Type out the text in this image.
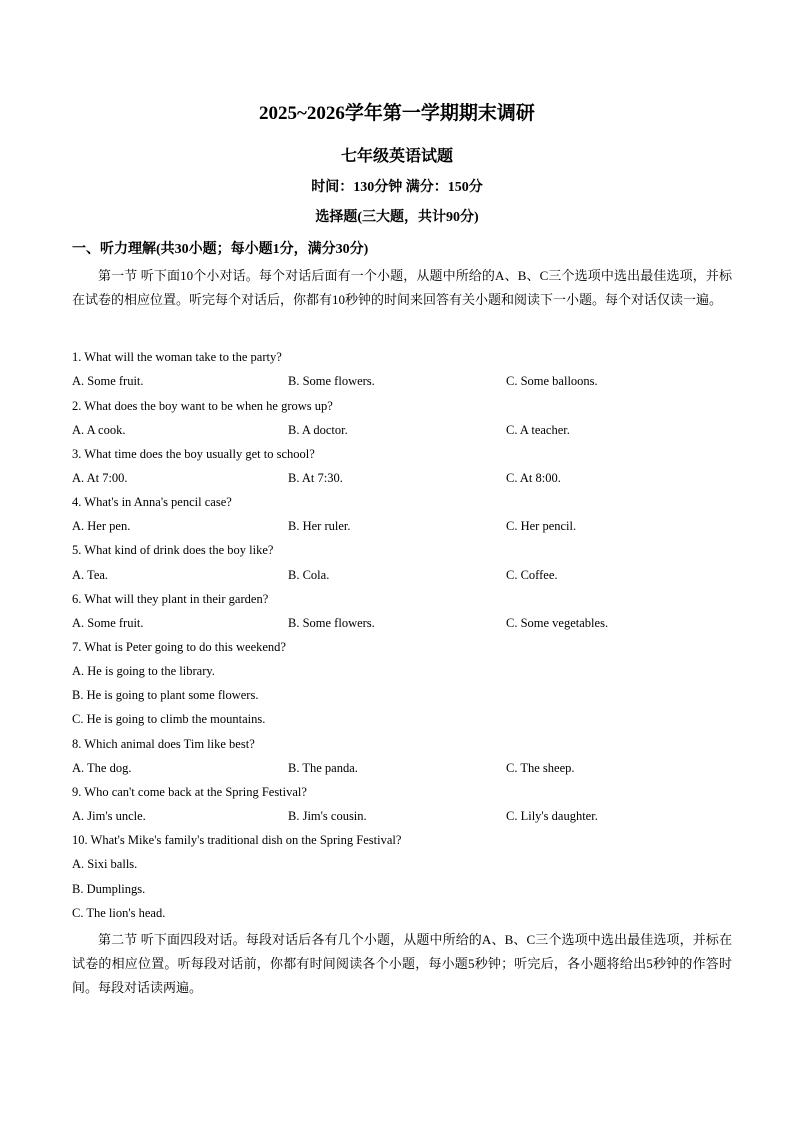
2025~2026学年第一学期期末调研
七年级英语试题
时间：130分钟 满分：150分
选择题(三大题，共计90分)
一、听力理解(共30小题；每小题1分，满分30分)
第一节 听下面10个小对话。每个对话后面有一个小题，从题中所给的A、B、C三个选项中选出最佳选项，并标在试卷的相应位置。听完每个对话后，你都有10秒钟的时间来回答有关小题和阅读下一小题。每个对话仅读一遍。
1. What will the woman take to the party?
A. Some fruit.	B. Some flowers.	C. Some balloons.
2. What does the boy want to be when he grows up?
A. A cook.	B. A doctor.	C. A teacher.
3. What time does the boy usually get to school?
A. At 7:00.	B. At 7:30.	C. At 8:00.
4. What's in Anna's pencil case?
A. Her pen.	B. Her ruler.	C. Her pencil.
5. What kind of drink does the boy like?
A. Tea.	B. Cola.	C. Coffee.
6. What will they plant in their garden?
A. Some fruit.	B. Some flowers.	C. Some vegetables.
7. What is Peter going to do this weekend?
A. He is going to the library.
B. He is going to plant some flowers.
C. He is going to climb the mountains.
8. Which animal does Tim like best?
A. The dog.	B. The panda.	C. The sheep.
9. Who can't come back at the Spring Festival?
A. Jim's uncle.	B. Jim's cousin.	C. Lily's daughter.
10. What's Mike's family's traditional dish on the Spring Festival?
A. Sixi balls.
B. Dumplings.
C. The lion's head.
第二节 听下面四段对话。每段对话后各有几个小题，从题中所给的A、B、C三个选项中选出最佳选项，并标在试卷的相应位置。听每段对话前，你都有时间阅读各个小题，每小题5秒钟；听完后，各小题将给出5秒钟的作答时间。每段对话读两遍。
